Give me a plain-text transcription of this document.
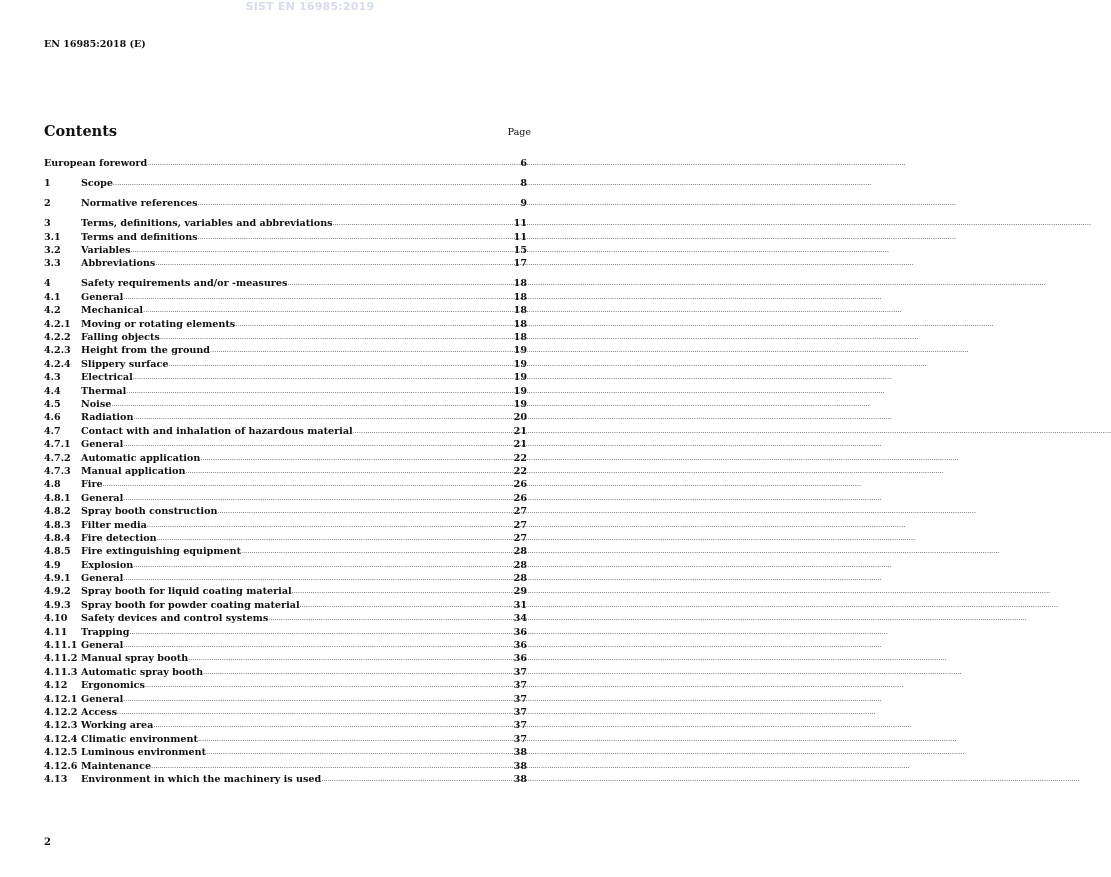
SIST EN 16985:2019
EN 16985:2018 (E)
Contents	Page
European foreword .....	6
1	Scope .....	8
2	Normative references .....	9
3	Terms, definitions, variables and abbreviations .....	11
3.1	Terms and definitions .....	11
3.2	Variables .....	15
3.3	Abbreviations .....	17
4	Safety requirements and/or -measures .....	18
4.1	General .....	18
4.2	Mechanical .....	18
4.2.1	Moving or rotating elements .....	18
4.2.2	Falling objects .....	18
4.2.3	Height from the ground .....	19
4.2.4	Slippery surface .....	19
4.3	Electrical .....	19
4.4	Thermal .....	19
4.5	Noise .....	19
4.6	Radiation .....	20
4.7	Contact with and inhalation of hazardous material .....	21
4.7.1	General .....	21
4.7.2	Automatic application .....	22
4.7.3	Manual application .....	22
4.8	Fire .....	26
4.8.1	General .....	26
4.8.2	Spray booth construction .....	27
4.8.3	Filter media .....	27
4.8.4	Fire detection .....	27
4.8.5	Fire extinguishing equipment .....	28
4.9	Explosion .....	28
4.9.1	General .....	28
4.9.2	Spray booth for liquid coating material .....	29
4.9.3	Spray booth for powder coating material .....	31
4.10	Safety devices and control systems .....	34
4.11	Trapping .....	36
4.11.1 General .....	36
4.11.2 Manual spray booth .....	36
4.11.3 Automatic spray booth .....	37
4.12	Ergonomics .....	37
4.12.1 General .....	37
4.12.2 Access .....	37
4.12.3 Working area .....	37
4.12.4 Climatic environment .....	37
4.12.5 Luminous environment .....	38
4.12.6 Maintenance .....	38
4.13	Environment in which the machinery is used .....	38
2
